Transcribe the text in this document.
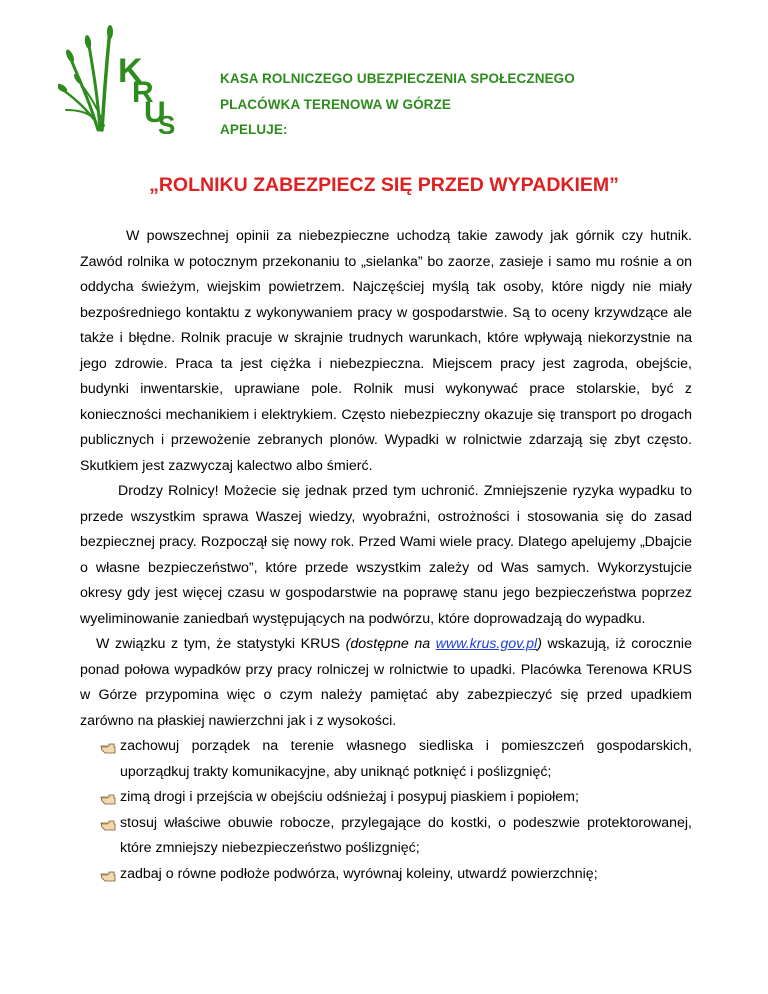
K
R
U
S
KASA ROLNICZEGO UBEZPIECZENIA SPOŁECZNEGO
PLACÓWKA TERENOWA W GÓRZE
APELUJE:
„ROLNIKU ZABEZPIECZ SIĘ PRZED WYPADKIEM”

W powszechnej opinii za niebezpieczne uchodzą takie zawody jak górnik czy hutnik. Zawód rolnika w potocznym przekonaniu to „sielanka” bo zaorze, zasieje i samo mu rośnie a on oddycha świeżym, wiejskim powietrzem. Najczęściej myślą tak osoby, które nigdy nie miały bezpośredniego kontaktu z wykonywaniem pracy w gospodarstwie. Są to oceny krzywdzące ale także i błędne. Rolnik pracuje w skrajnie trudnych warunkach, które wpływają niekorzystnie na jego zdrowie. Praca ta jest ciężka i niebezpieczna. Miejscem pracy jest zagroda, obejście, budynki inwentarskie, uprawiane pole. Rolnik musi wykonywać prace stolarskie, być z konieczności mechanikiem i elektrykiem. Często niebezpieczny okazuje się transport po drogach publicznych i przewożenie zebranych plonów. Wypadki w rolnictwie zdarzają się zbyt często. Skutkiem jest zazwyczaj kalectwo albo śmierć.

Drodzy Rolnicy! Możecie się jednak przed tym uchronić. Zmniejszenie ryzyka wypadku to przede wszystkim sprawa Waszej wiedzy, wyobraźni, ostrożności i stosowania się do zasad bezpiecznej pracy. Rozpoczął się nowy rok. Przed Wami wiele pracy. Dlatego apelujemy „Dbajcie o własne bezpieczeństwo”, które przede wszystkim zależy od Was samych. Wykorzystujcie okresy gdy jest więcej czasu w gospodarstwie na poprawę stanu jego bezpieczeństwa poprzez wyeliminowanie zaniedbań występujących na podwórzu, które doprowadzają do wypadku.

W związku z tym, że statystyki KRUS (dostępne na www.krus.gov.pl) wskazują, iż corocznie ponad połowa wypadków przy pracy rolniczej w rolnictwie to upadki. Placówka Terenowa KRUS w Górze przypomina więc o czym należy pamiętać aby zabezpieczyć się przed upadkiem zarówno na płaskiej nawierzchni jak i z wysokości.

zachowuj porządek na terenie własnego siedliska i pomieszczeń gospodarskich, uporządkuj trakty komunikacyjne, aby uniknąć potknięć i poślizgnięć;
zimą drogi i przejścia w obejściu odśnieżaj i posypuj piaskiem i popiołem;
stosuj właściwe obuwie robocze, przylegające do kostki, o podeszwie protektorowanej, które zmniejszy niebezpieczeństwo poślizgnięć;
zadbaj o równe podłoże podwórza, wyrównaj koleiny, utwardź powierzchnię;
